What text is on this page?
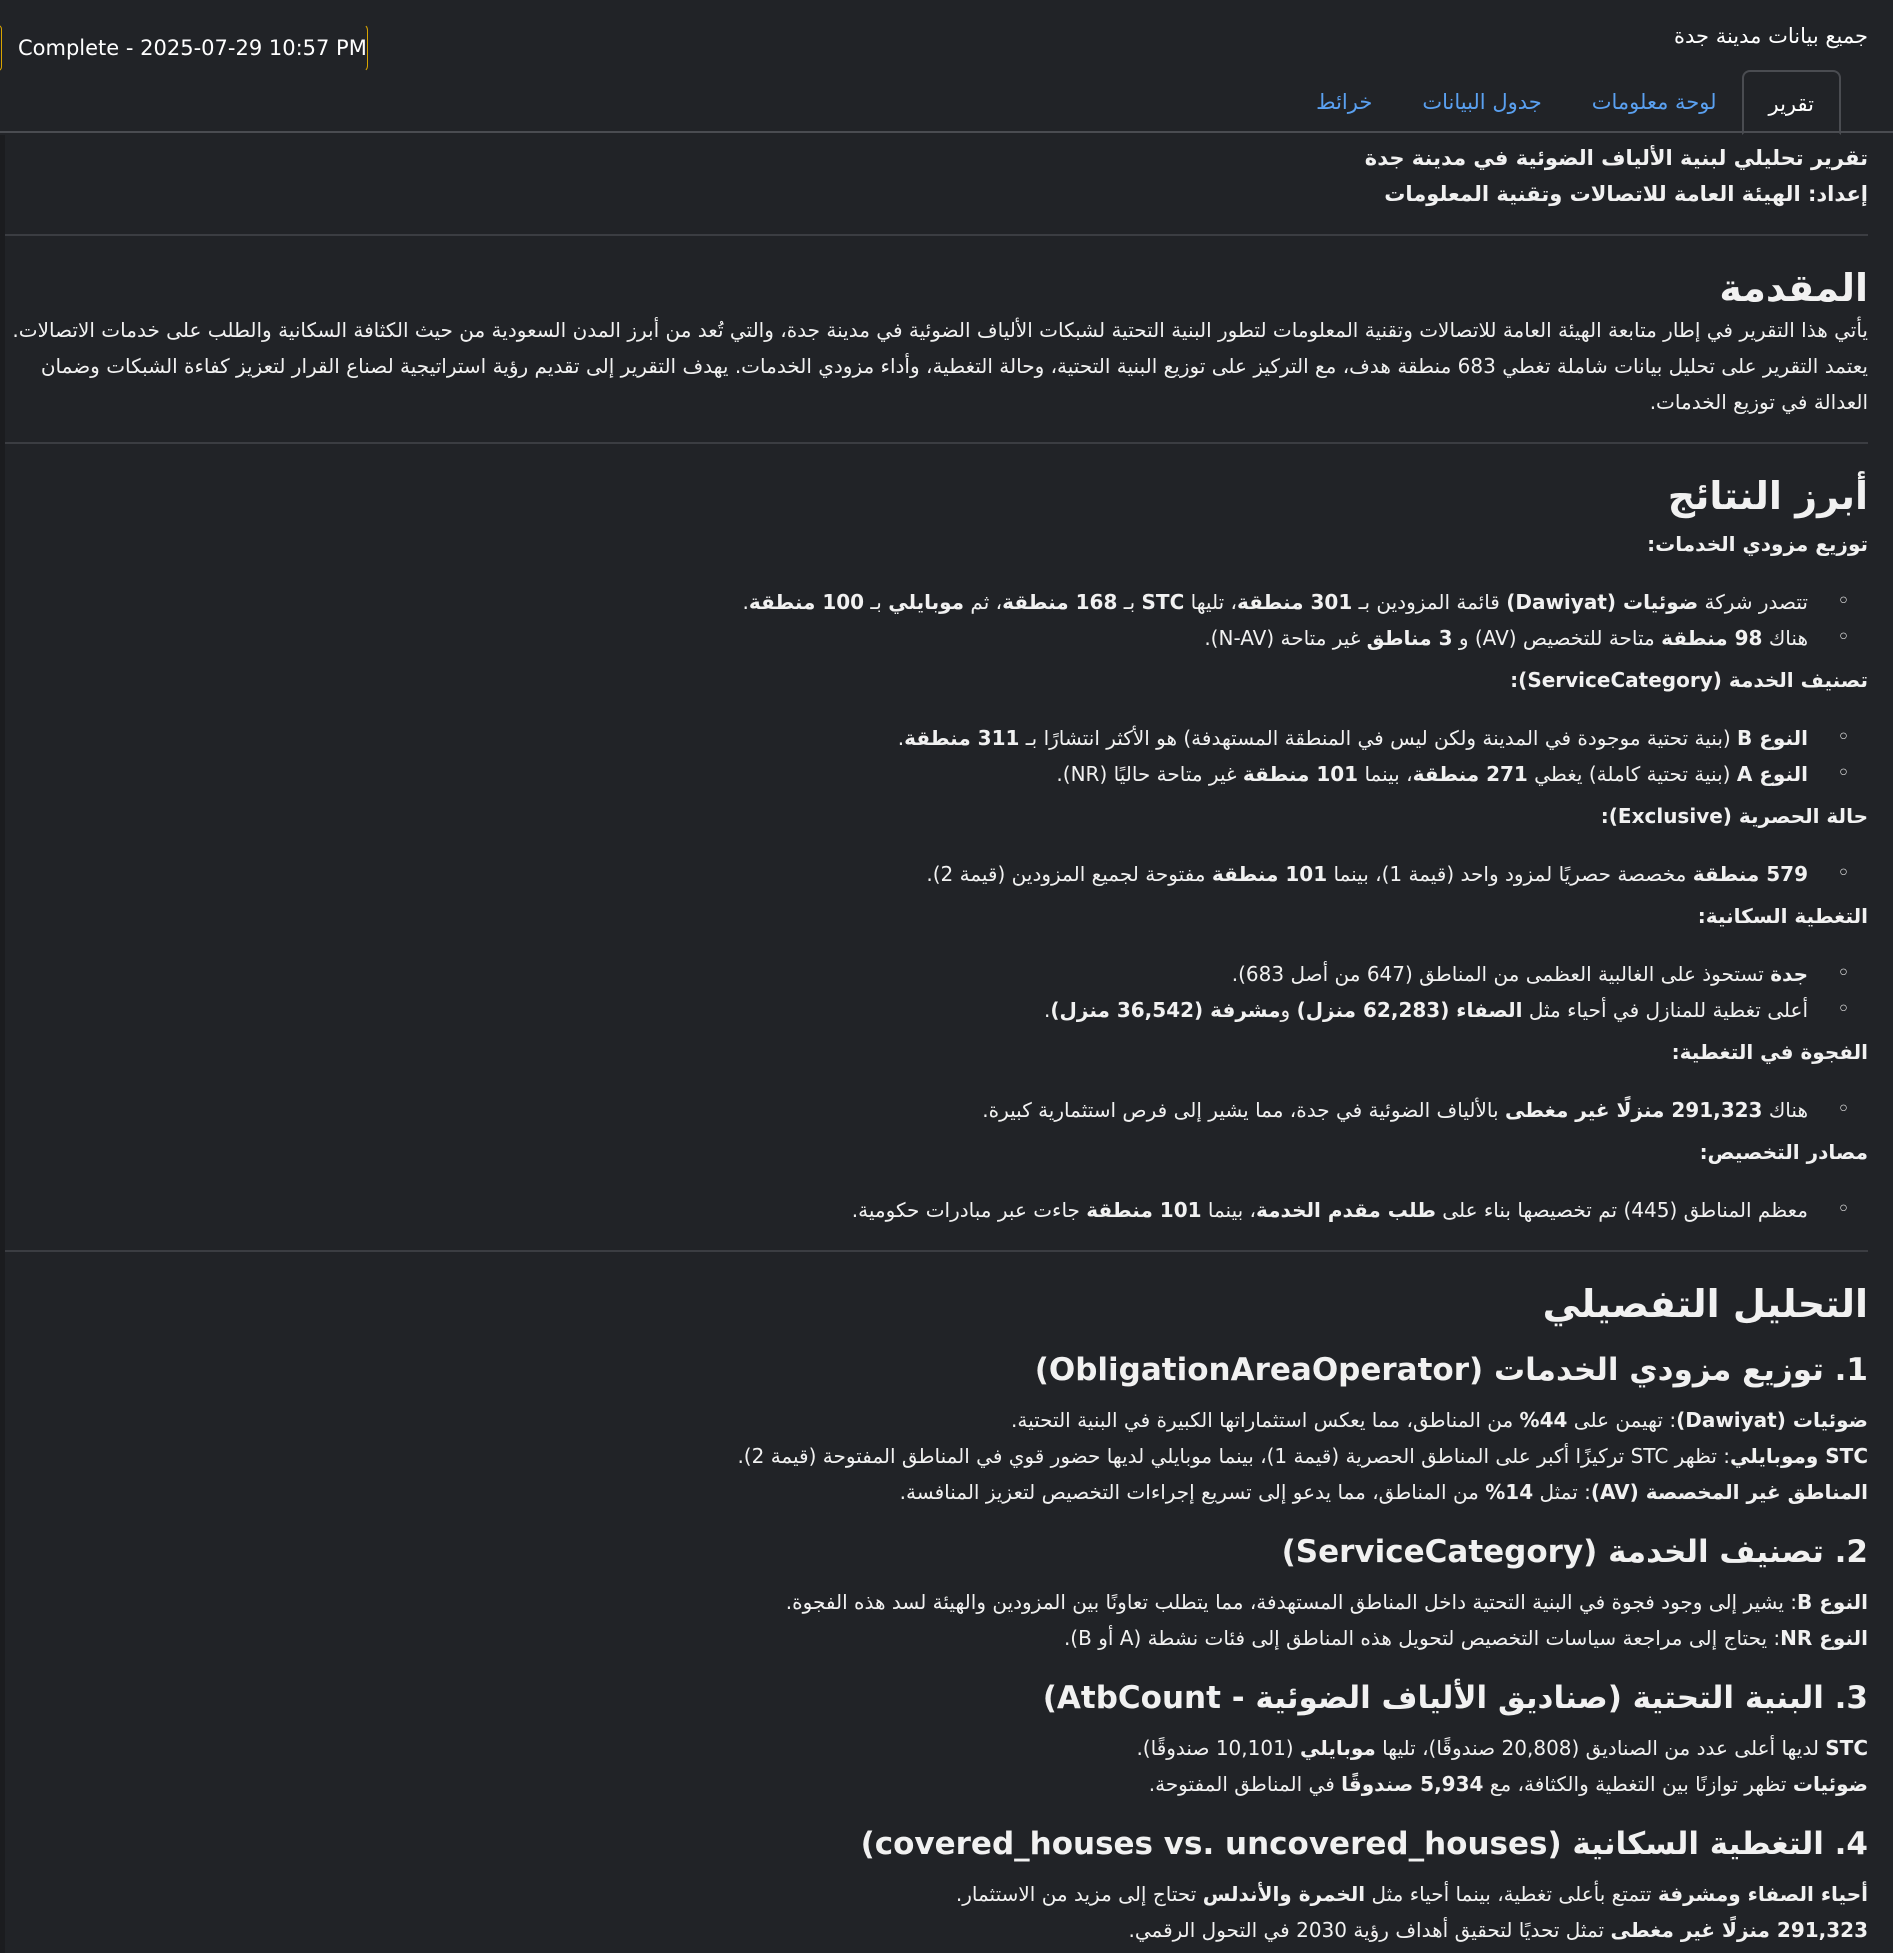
Complete - 2025-07-29 10:57 PM	جميع بيانات مدينة جدة
تقرير
لوحة معلومات
جدول البيانات
خرائط
تقرير تحليلي لبنية الألياف الضوئية في مدينة جدة
إعداد: الهيئة العامة للاتصالات وتقنية المعلومات
المقدمة

يأتي هذا التقرير في إطار متابعة الهيئة العامة للاتصالات وتقنية المعلومات لتطور البنية التحتية لشبكات الألياف الضوئية في مدينة جدة، والتي تُعد من أبرز المدن السعودية من حيث الكثافة السكانية والطلب على خدمات الاتصالات. يعتمد التقرير على تحليل بيانات شاملة تغطي 683 منطقة هدف، مع التركيز على توزيع البنية التحتية، وحالة التغطية، وأداء مزودي الخدمات. يهدف التقرير إلى تقديم رؤية استراتيجية لصناع القرار لتعزيز كفاءة الشبكات وضمان العدالة في توزيع الخدمات.

أبرز النتائج
توزيع مزودي الخدمات:
◦ تتصدر شركة ضوئيات (Dawiyat) قائمة المزودين بـ 301 منطقة، تليها STC بـ 168 منطقة، ثم موبايلي بـ 100 منطقة.
◦ هناك 98 منطقة متاحة للتخصيص (AV) و 3 مناطق غير متاحة (N-AV).
تصنيف الخدمة (ServiceCategory):
◦ النوع B (بنية تحتية موجودة في المدينة ولكن ليس في المنطقة المستهدفة) هو الأكثر انتشارًا بـ 311 منطقة.
◦ النوع A (بنية تحتية كاملة) يغطي 271 منطقة، بينما 101 منطقة غير متاحة حاليًا (NR).
حالة الحصرية (Exclusive):
◦ 579 منطقة مخصصة حصريًا لمزود واحد (قيمة 1)، بينما 101 منطقة مفتوحة لجميع المزودين (قيمة 2).
التغطية السكانية:
◦ جدة تستحوذ على الغالبية العظمى من المناطق (647 من أصل 683).
◦ أعلى تغطية للمنازل في أحياء مثل الصفاء (62,283 منزل) ومشرفة (36,542 منزل).
الفجوة في التغطية:
◦ هناك 291,323 منزلًا غير مغطى بالألياف الضوئية في جدة، مما يشير إلى فرص استثمارية كبيرة.
مصادر التخصيص:
◦ معظم المناطق (445) تم تخصيصها بناء على طلب مقدم الخدمة، بينما 101 منطقة جاءت عبر مبادرات حكومية.
التحليل التفصيلي
1. توزيع مزودي الخدمات (ObligationAreaOperator)

ضوئيات (Dawiyat): تهيمن على 44% من المناطق، مما يعكس استثماراتها الكبيرة في البنية التحتية.

STC وموبايلي: تظهر STC تركيزًا أكبر على المناطق الحصرية (قيمة 1)، بينما موبايلي لديها حضور قوي في المناطق المفتوحة (قيمة 2).

المناطق غير المخصصة (AV): تمثل 14% من المناطق، مما يدعو إلى تسريع إجراءات التخصيص لتعزيز المنافسة.

2. تصنيف الخدمة (ServiceCategory)

النوع B: يشير إلى وجود فجوة في البنية التحتية داخل المناطق المستهدفة، مما يتطلب تعاونًا بين المزودين والهيئة لسد هذه الفجوة.

النوع NR: يحتاج إلى مراجعة سياسات التخصيص لتحويل هذه المناطق إلى فئات نشطة (A أو B).

3. البنية التحتية (صناديق الألياف الضوئية - AtbCount)

STC لديها أعلى عدد من الصناديق (20,808 صندوقًا)، تليها موبايلي (10,101 صندوقًا).

ضوئيات تظهر توازنًا بين التغطية والكثافة، مع 5,934 صندوقًا في المناطق المفتوحة.

4. التغطية السكانية (covered_houses vs. uncovered_houses)

أحياء الصفاء ومشرفة تتمتع بأعلى تغطية، بينما أحياء مثل الخمرة والأندلس تحتاج إلى مزيد من الاستثمار.

291,323 منزلًا غير مغطى تمثل تحديًا لتحقيق أهداف رؤية 2030 في التحول الرقمي.
